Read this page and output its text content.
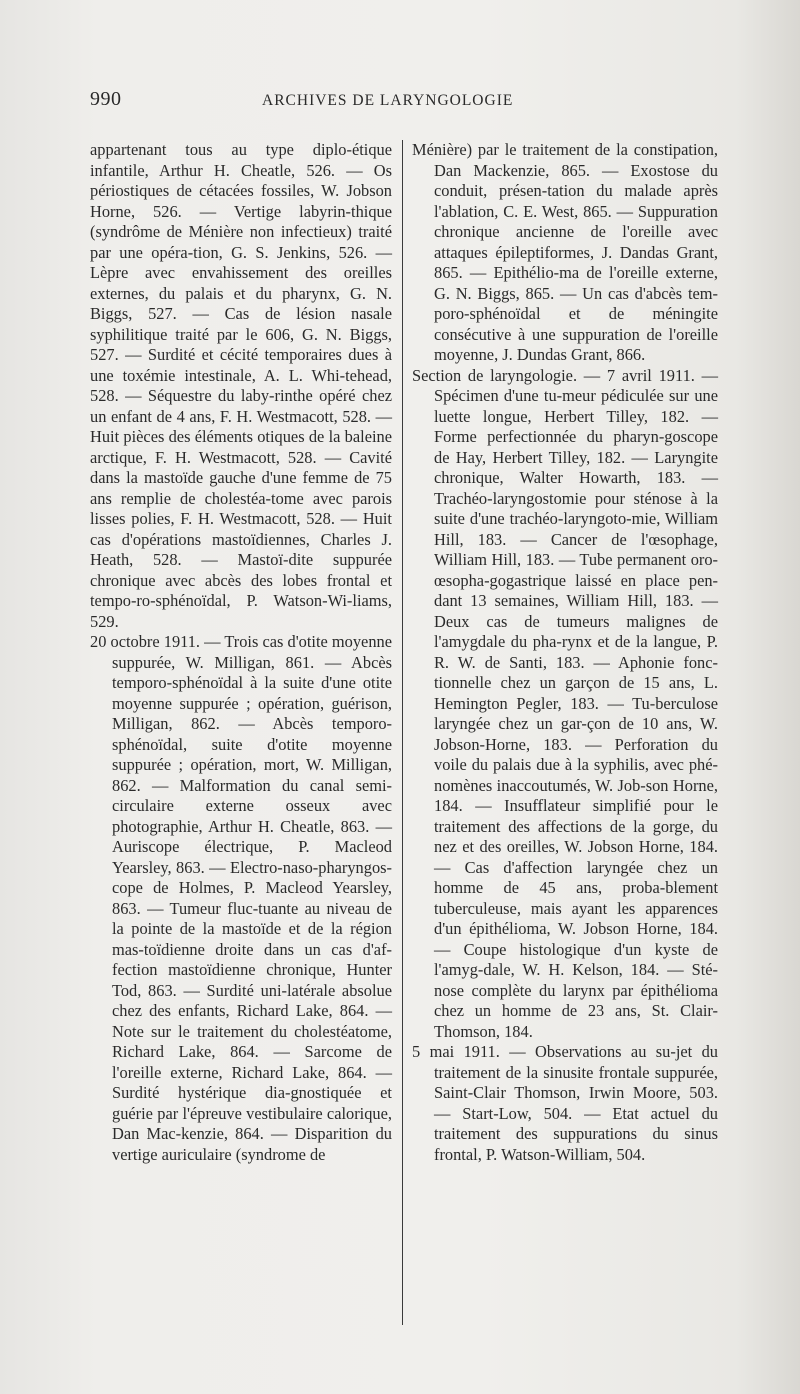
990	ARCHIVES DE LARYNGOLOGIE

appartenant tous au type diplo-étique infantile, Arthur H. Cheatle, 526. — Os périostiques de cétacées fossiles, W. Jobson Horne, 526. — Vertige labyrin-thique (syndrôme de Ménière non infectieux) traité par une opéra-tion, G. S. Jenkins, 526. — Lèpre avec envahissement des oreilles externes, du palais et du pharynx, G. N. Biggs, 527. — Cas de lésion nasale syphilitique traité par le 606, G. N. Biggs, 527. — Surdité et cécité temporaires dues à une toxémie intestinale, A. L. Whi-tehead, 528. — Séquestre du laby-rinthe opéré chez un enfant de 4 ans, F. H. Westmacott, 528. — Huit pièces des éléments otiques de la baleine arctique, F. H. Westmacott, 528. — Cavité dans la mastoïde gauche d'une femme de 75 ans remplie de cholestéa-tome avec parois lisses polies, F. H. Westmacott, 528. — Huit cas d'opérations mastoïdiennes, Charles J. Heath, 528. — Mastoï-dite suppurée chronique avec abcès des lobes frontal et tempo-ro-sphénoïdal, P. Watson-Wi-liams, 529.

20 octobre 1911. — Trois cas d'otite moyenne suppurée, W. Milligan, 861. — Abcès temporo-sphénoïdal à la suite d'une otite moyenne suppurée ; opération, guérison, Milligan, 862. — Abcès temporo-sphénoïdal, suite d'otite moyenne suppurée ; opération, mort, W. Milligan, 862. — Malformation du canal semi-circulaire externe osseux avec photographie, Arthur H. Cheatle, 863. — Auriscope électrique, P. Macleod Yearsley, 863. — Electro-naso-pharyngos-cope de Holmes, P. Macleod Yearsley, 863. — Tumeur fluc-tuante au niveau de la pointe de la mastoïde et de la région mas-toïdienne droite dans un cas d'af-fection mastoïdienne chronique, Hunter Tod, 863. — Surdité uni-latérale absolue chez des enfants, Richard Lake, 864. — Note sur le traitement du cholestéatome, Richard Lake, 864. — Sarcome de l'oreille externe, Richard Lake, 864. — Surdité hystérique dia-gnostiquée et guérie par l'épreuve vestibulaire calorique, Dan Mac-kenzie, 864. — Disparition du vertige auriculaire (syndrome de

Ménière) par le traitement de la constipation, Dan Mackenzie, 865. — Exostose du conduit, présen-tation du malade après l'ablation, C. E. West, 865. — Suppuration chronique ancienne de l'oreille avec attaques épileptiformes, J. Dandas Grant, 865. — Epithélio-ma de l'oreille externe, G. N. Biggs, 865. — Un cas d'abcès tem-poro-sphénoïdal et de méningite consécutive à une suppuration de l'oreille moyenne, J. Dundas Grant, 866.

Section de laryngologie. — 7 avril 1911. — Spécimen d'une tu-meur pédiculée sur une luette longue, Herbert Tilley, 182. — Forme perfectionnée du pharyn-goscope de Hay, Herbert Tilley, 182. — Laryngite chronique, Walter Howarth, 183. — Trachéo-laryngostomie pour sténose à la suite d'une trachéo-laryngoto-mie, William Hill, 183. — Cancer de l'œsophage, William Hill, 183. — Tube permanent oro-œsopha-gogastrique laissé en place pen-dant 13 semaines, William Hill, 183. — Deux cas de tumeurs malignes de l'amygdale du pha-rynx et de la langue, P. R. W. de Santi, 183. — Aphonie fonc-tionnelle chez un garçon de 15 ans, L. Hemington Pegler, 183. — Tu-berculose laryngée chez un gar-çon de 10 ans, W. Jobson-Horne, 183. — Perforation du voile du palais due à la syphilis, avec phé-nomènes inaccoutumés, W. Job-son Horne, 184. — Insufflateur simplifié pour le traitement des affections de la gorge, du nez et des oreilles, W. Jobson Horne, 184. — Cas d'affection laryngée chez un homme de 45 ans, proba-blement tuberculeuse, mais ayant les apparences d'un épithélioma, W. Jobson Horne, 184. — Coupe histologique d'un kyste de l'amyg-dale, W. H. Kelson, 184. — Sté-nose complète du larynx par épithélioma chez un homme de 23 ans, St. Clair-Thomson, 184.

5 mai 1911. — Observations au su-jet du traitement de la sinusite frontale suppurée, Saint-Clair Thomson, Irwin Moore, 503. — Start-Low, 504. — Etat actuel du traitement des suppurations du sinus frontal, P. Watson-William, 504.
